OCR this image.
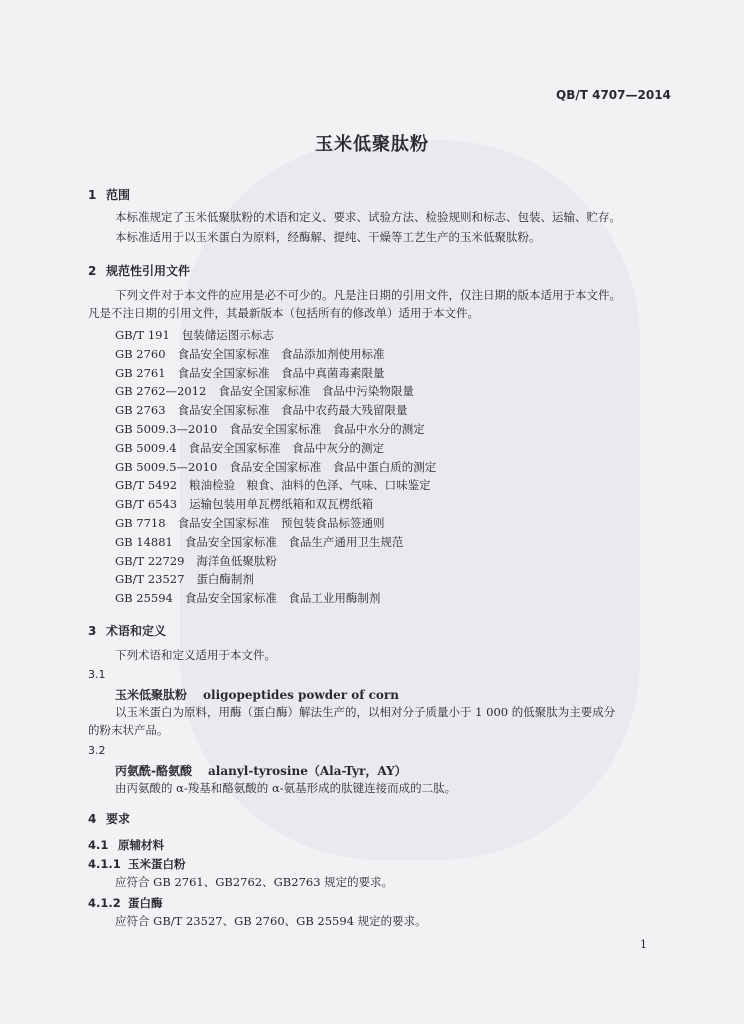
QB/T 4707—2014
玉米低聚肽粉
1 范围
本标准规定了玉米低聚肽粉的术语和定义、要求、试验方法、检验规则和标志、包装、运输、贮存。
本标准适用于以玉米蛋白为原料，经酶解、提纯、干燥等工艺生产的玉米低聚肽粉。
2 规范性引用文件
下列文件对于本文件的应用是必不可少的。凡是注日期的引用文件，仅注日期的版本适用于本文件。
凡是不注日期的引用文件，其最新版本（包括所有的修改单）适用于本文件。
GB/T 191 包装储运图示标志
GB 2760 食品安全国家标准　食品添加剂使用标准
GB 2761 食品安全国家标准　食品中真菌毒素限量
GB 2762—2012 食品安全国家标准　食品中污染物限量
GB 2763 食品安全国家标准　食品中农药最大残留限量
GB 5009.3—2010 食品安全国家标准　食品中水分的测定
GB 5009.4 食品安全国家标准　食品中灰分的测定
GB 5009.5—2010 食品安全国家标准　食品中蛋白质的测定
GB/T 5492 粮油检验　粮食、油料的色泽、气味、口味鉴定
GB/T 6543 运输包装用单瓦楞纸箱和双瓦楞纸箱
GB 7718 食品安全国家标准　预包装食品标签通则
GB 14881 食品安全国家标准　食品生产通用卫生规范
GB/T 22729 海洋鱼低聚肽粉
GB/T 23527 蛋白酶制剂
GB 25594 食品安全国家标准　食品工业用酶制剂
3 术语和定义
下列术语和定义适用于本文件。
3.1
玉米低聚肽粉 oligopeptides powder of corn
以玉米蛋白为原料，用酶（蛋白酶）解法生产的，以相对分子质量小于 1 000 的低聚肽为主要成分
的粉末状产品。
3.2
丙氨酰-酪氨酸 alanyl-tyrosine（Ala-Tyr，AY）
由丙氨酸的 α-羧基和酪氨酸的 α-氨基形成的肽键连接而成的二肽。
4 要求
4.1 原辅材料
4.1.1 玉米蛋白粉
应符合 GB 2761、GB2762、GB2763 规定的要求。
4.1.2 蛋白酶
应符合 GB/T 23527、GB 2760、GB 25594 规定的要求。
1
